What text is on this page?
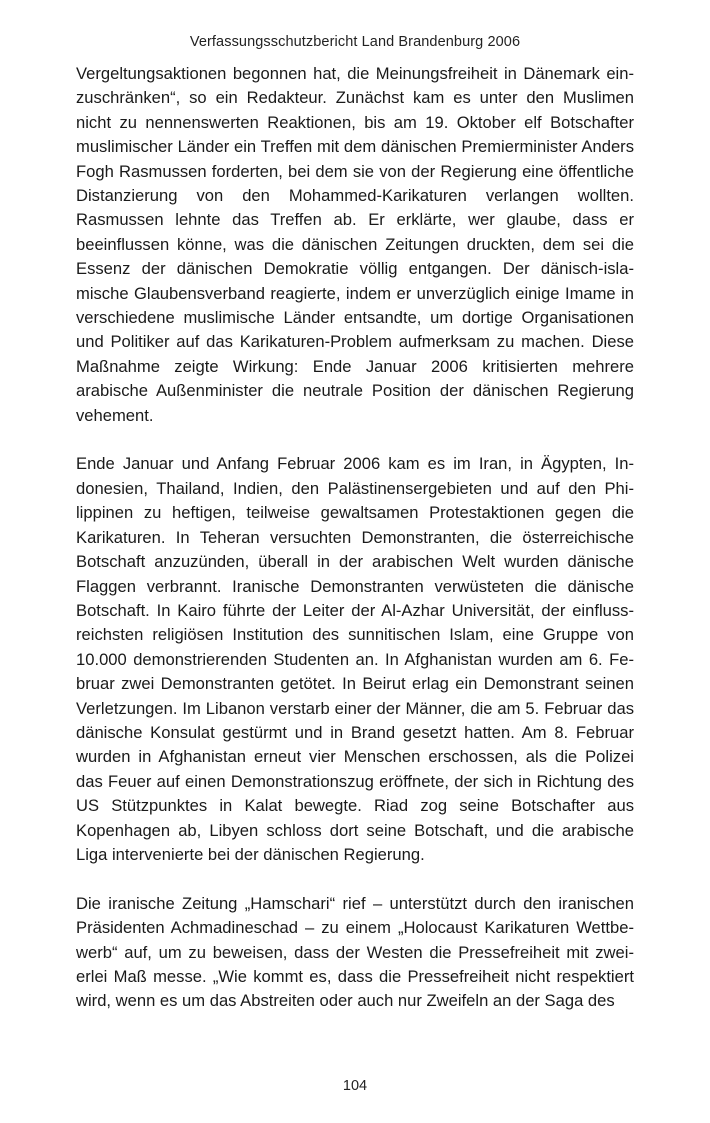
Verfassungsschutzbericht Land Brandenburg 2006

Vergeltungsaktionen begonnen hat, die Meinungsfreiheit in Dänemark einzuschränken“, so ein Redakteur. Zunächst kam es unter den Muslimen nicht zu nennenswerten Reaktionen, bis am 19. Oktober elf Botschafter muslimischer Länder ein Treffen mit dem dänischen Premierminister Anders Fogh Rasmussen forderten, bei dem sie von der Regierung eine öffentliche Distanzierung von den Mohammed-Karikaturen verlangen wollten. Rasmussen lehnte das Treffen ab. Er erklärte, wer glaube, dass er beeinflussen könne, was die dänischen Zeitungen druckten, dem sei die Essenz der dänischen Demokratie völlig entgangen. Der dänisch-islamische Glaubensverband reagierte, indem er unverzüglich einige Imame in verschiedene muslimische Länder entsandte, um dortige Organisationen und Politiker auf das Karikaturen-Problem aufmerksam zu machen. Diese Maßnahme zeigte Wirkung: Ende Januar 2006 kritisierten mehrere arabische Außenminister die neutrale Position der dänischen Regierung vehement.

Ende Januar und Anfang Februar 2006 kam es im Iran, in Ägypten, Indonesien, Thailand, Indien, den Palästinensergebieten und auf den Philippinen zu heftigen, teilweise gewaltsamen Protestaktionen gegen die Karikaturen. In Teheran versuchten Demonstranten, die österreichische Botschaft anzuzünden, überall in der arabischen Welt wurden dänische Flaggen verbrannt. Iranische Demonstranten verwüsteten die dänische Botschaft. In Kairo führte der Leiter der Al-Azhar Universität, der einflussreichsten religiösen Institution des sunnitischen Islam, eine Gruppe von 10.000 demonstrierenden Studenten an. In Afghanistan wurden am 6. Februar zwei Demonstranten getötet. In Beirut erlag ein Demonstrant seinen Verletzungen. Im Libanon verstarb einer der Männer, die am 5. Februar das dänische Konsulat gestürmt und in Brand gesetzt hatten. Am 8. Februar wurden in Afghanistan erneut vier Menschen erschossen, als die Polizei das Feuer auf einen Demonstrationszug eröffnete, der sich in Richtung des US Stützpunktes in Kalat bewegte. Riad zog seine Botschafter aus Kopenhagen ab, Libyen schloss dort seine Botschaft, und die arabische Liga intervenierte bei der dänischen Regierung.

Die iranische Zeitung „Hamschari“ rief – unterstützt durch den iranischen Präsidenten Achmadineschad – zu einem „Holocaust Karikaturen Wettbewerb“ auf, um zu beweisen, dass der Westen die Pressefreiheit mit zweierlei Maß messe. „Wie kommt es, dass die Pressefreiheit nicht respektiert wird, wenn es um das Abstreiten oder auch nur Zweifeln an der Saga des

104
